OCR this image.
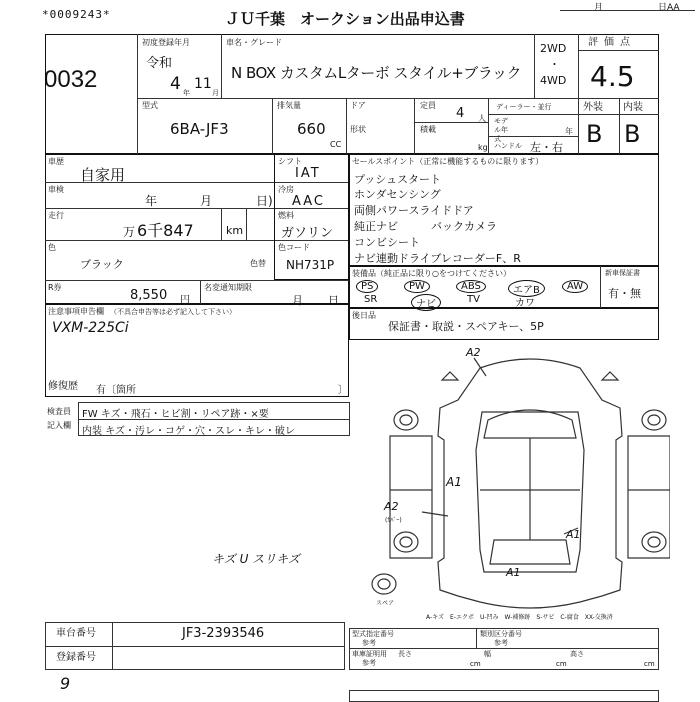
*0009243*	ＪＵ千葉　オークション出品申込書
月	日AA
0032
初度登録年月
令和
4 11
年	月
車名・グレード
N BOX カスタムLターボ スタイル+ブラック
2WD
・
4WD
評価点
4.5
型式
6BA-JF3
排気量
660
CC
ドア
形状
定員
4 人
積載
kg
ディーラー・並行
モデル年式
年
ハンドル 左・右
外装 内装
B B
車歴
自家用
車検
年	月	日)
走行
万 6千847	km
色
ブラック	色替
R券
8,550 円
名変通知期限
月 日
シフト
IAT
冷房
AAC
燃料
ガソリン
色コード
NH731P
セールスポイント（正常に機能するものに限ります）
プッシュスタート
ホンダセンシング
両側パワースライドドア
純正ナビ　　　バックカメラ
コンビシート
ナビ連動ドライブレコーダーF、R
装備品（純正品に限り○をつけてください）
PS	PW	ABS	エアB	AW
SR	ナビ	TV	カワ
新車保証書
有・無
後日品
保証書・取説・スペアキー、5P
注意事項申告欄 （不具合申告等は必ず記入して下さい）
VXM-225Ci
修復歴 有〔箇所	〕
検査員
記入欄
FW キズ・飛石・ヒビ割・リペア跡・×要
内装 キズ・汚レ・コゲ・穴・スレ・キレ・破レ
キズ U スリキズ
A2
A1
A2
(ｶﾊﾞｰ)
A1
A1
スペア
A-キズ　E-エクボ　U-凹み　W-補修跡　S-サビ　C-腐食　XX-交換済
車台番号	JF3-2393546
登録番号
型式指定番号
参考
類別区分番号
参考
車庫証明用
参考
長さ
cm
幅
cm
高さ
cm
9
